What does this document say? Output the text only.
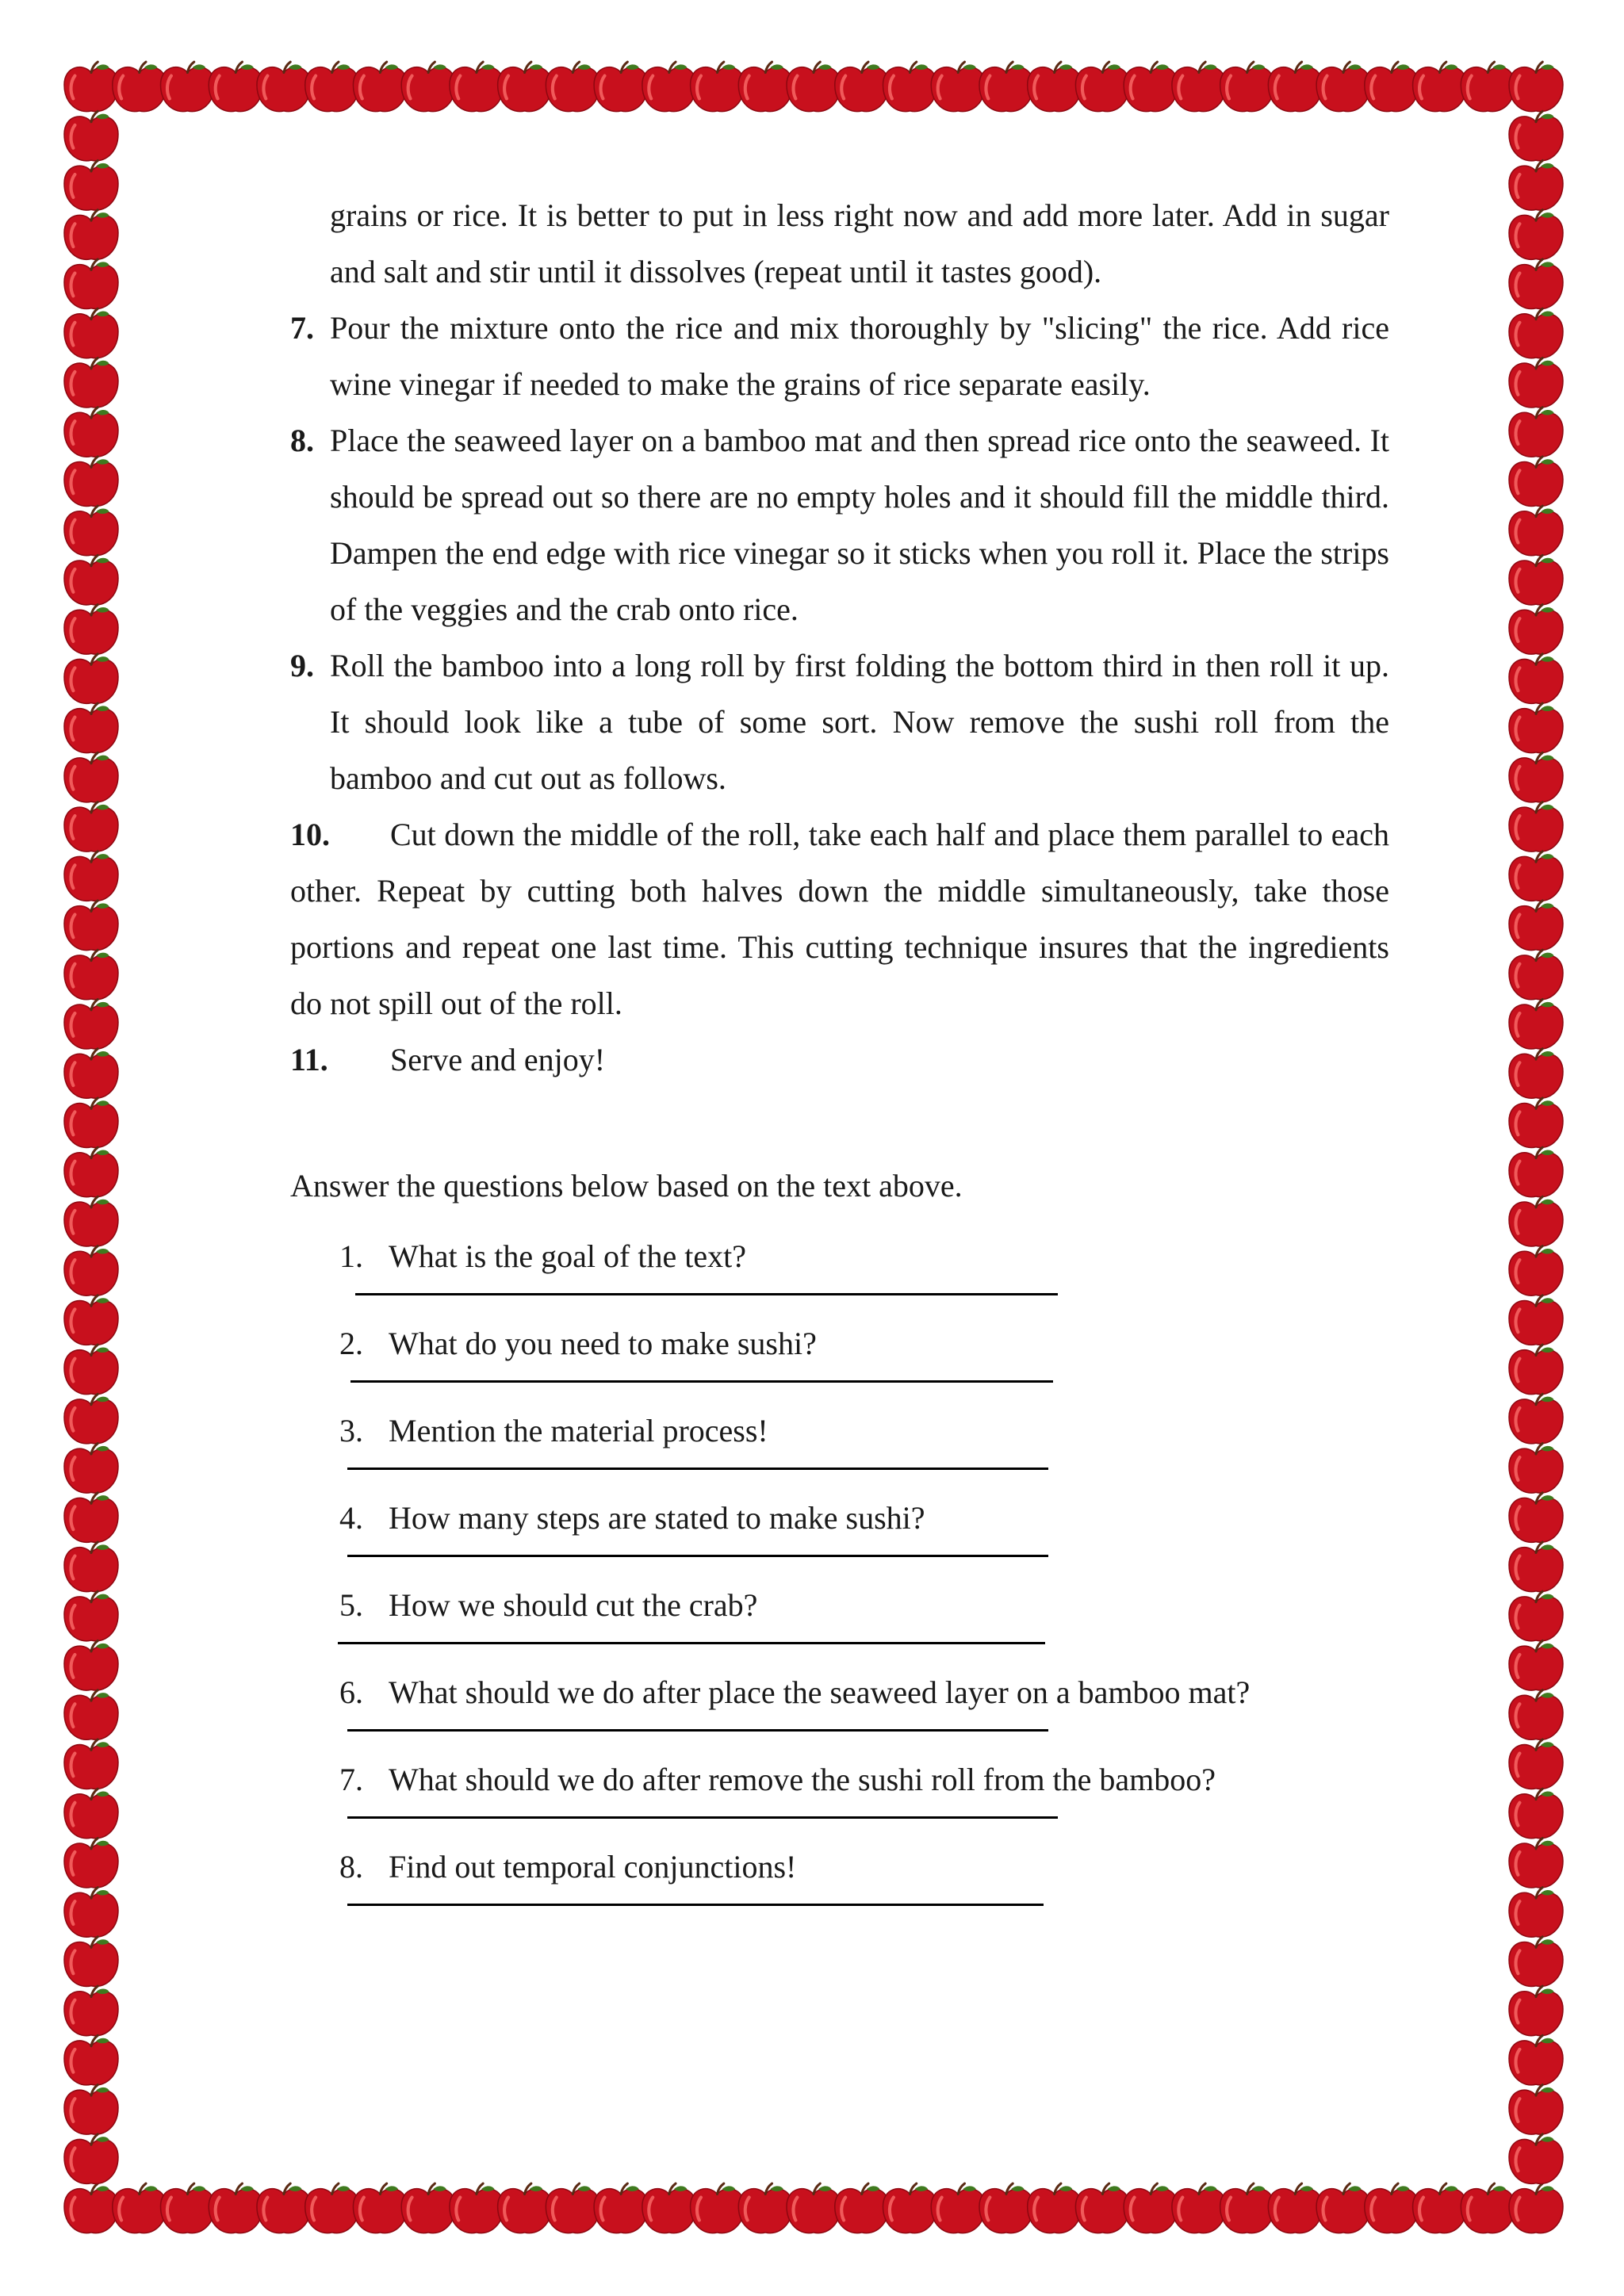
grains or rice. It is better to put in less right now and add more later. Add in sugar and salt and stir until it dissolves (repeat until it tastes good).
7. Pour the mixture onto the rice and mix thoroughly by "slicing" the rice. Add rice wine vinegar if needed to make the grains of rice separate easily.
8. Place the seaweed layer on a bamboo mat and then spread rice onto the seaweed. It should be spread out so there are no empty holes and it should fill the middle third. Dampen the end edge with rice vinegar so it sticks when you roll it. Place the strips of the veggies and the crab onto rice.
9. Roll the bamboo into a long roll by first folding the bottom third in then roll it up. It should look like a tube of some sort. Now remove the sushi roll from the bamboo and cut out as follows.
10. Cut down the middle of the roll, take each half and place them parallel to each other. Repeat by cutting both halves down the middle simultaneously, take those portions and repeat one last time. This cutting technique insures that the ingredients do not spill out of the roll.
11. Serve and enjoy!

Answer the questions below based on the text above.

1. What is the goal of the text?
2. What do you need to make sushi?
3. Mention the material process!
4. How many steps are stated to make sushi?
5. How we should cut the crab?
6. What should we do after place the seaweed layer on a bamboo mat?
7. What should we do after remove the sushi roll from the bamboo?
8. Find out temporal conjunctions!
